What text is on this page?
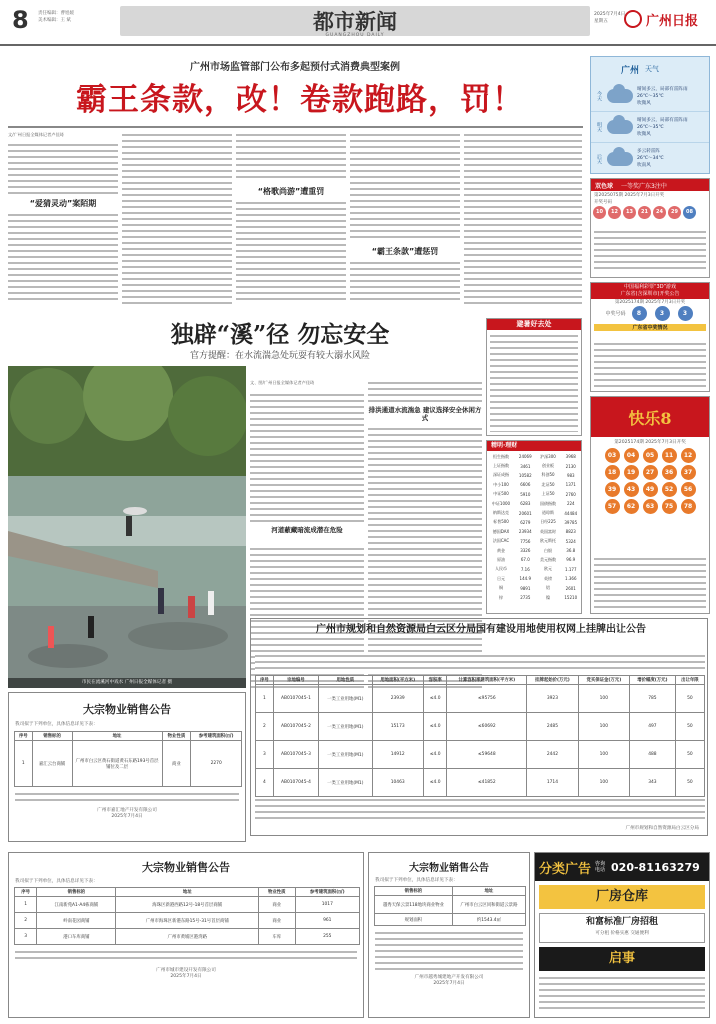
8	责任编辑：曹旭媛
美术编辑：王 斌	都市新闻
GUANGZHOU DAILY
2025年7月4日
星期五	广州日报
广州市场监管部门公布多起预付式消费典型案例
霸王条款，改！卷款跑路，罚！
文/广州日报全媒体记者卢佳琦
“爱猜灵动”案陌期
“格歌尚游”遭重罚
“霸王条款”遭惩罚
广州 天气
今天
晴间多云，局部有雷阵雨
26℃～35℃
吹微风
明天
晴间多云，局部有雷阵雨
26℃～35℃
吹微风
后天
多云转雷阵
26℃～34℃
吹南风
双色球 一等奖广东3注中
第2025075期 2025年7月3日开奖
开奖号码
10	12	13	21	24	29	08
中国福利彩票“3D”游戏
广东省(含深圳市)开奖公告
第2025174期 2025年7月3日开奖
中奖号码	8	3	3
广东省中奖情况
独辟“溪”径 勿忘安全
官方提醒：在水流湍急处玩耍有较大溺水风险
市民在流溪河中戏水 广州日报全媒体记者 摄
文、图/广州日报全媒体记者卢佳琦
河道蔽藏暗流成潜在危险
排洪通道水流湍急 建议选择安全休闲方式
避暑好去处
精明·理财
恒生指数	24069	沪深300	3968
上证指数	3461	创业板	2130
深证成指	10582	科创50	983
中小100	6606	北证50	1371
中证500	5910	上证50	2760
中证1000	6283	国债指数	224
纳斯达克	20601	道琼斯	44484
标普500	6279	日经225	39785
德国DAX	23934	英国富时	8823
法国CAC	7756	欧元斯托	5324
黄金	3326	白银	36.8
原油	67.0	美元指数	96.9
人民币	7.16	欧元	1.177
日元	144.9	英镑	1.366
铜	9891	铝	2601
锌	2735	镍	15210
快乐8
第2025174期 2025年7月3日开奖
03	04	05	11	12
18	19	27	36	37
39	43	49	52	56
57	62	63	75	78
广州市规划和自然资源局白云区分局国有建设用地使用权网上挂牌出让公告
序号	宗地编号	用地性质	用地面积(平方米)	容积率	计算容积率建筑面积(平方米)	挂牌起始价(万元)	竞买保证金(万元)	增价幅度(万元)	出让年限
1	AB0107045-1	一类工业用地(M1)	23939	≤4.0	≤95756	3923	100	785	50
2	AB0107045-2	一类工业用地(M1)	15173	≤4.0	≤60692	2485	100	497	50
3	AB0107045-3	一类工业用地(M1)	14912	≤4.0	≤59648	2442	100	488	50
4	AB0107045-4	一类工业用地(M1)	10463	≤4.0	≤41852	1714	100	343	50
广州市规划和自然资源局白云区分局
大宗物业销售公告
我司拟于下列单位，具体信息详见下表：
序号	销售标的	地址	物业性质	参考建筑面积(㎡)
1	嘉汇云台商铺	广州市白云区黄石街道黄石东路193号首层铺位及二层	商业	2270
广州市嘉汇地产开发有限公司
2025年7月4日
大宗物业销售公告
我司拟于下列单位，具体信息详见下表：
序号	销售标的	地址	物业性质	参考建筑面积(㎡)
1	江南新苑A1-A4栋商铺	海珠区新港西路12号-18号首层商铺	商业	1017
2	岭南花园商铺	广州市海珠区新港东路15号-31号首层商铺	商业	961
3	港口车库商铺	广州市黄埔区港湾路	车库	255
广州市城市建设开发有限公司
2025年7月4日
大宗物业销售公告
我司拟于下列单位，具体信息详见下表：
销售标的	地址
越秀天保云景118地块商业物业	广州市白云区同和街道云景路
规划面积	约1543.4㎡
广州市越秀城建地产开发有限公司
2025年7月4日
分类广告 咨询电话 020-81163279
厂房仓库
和富标准厂房招租
可分租 价格实惠 交通便利
启事
